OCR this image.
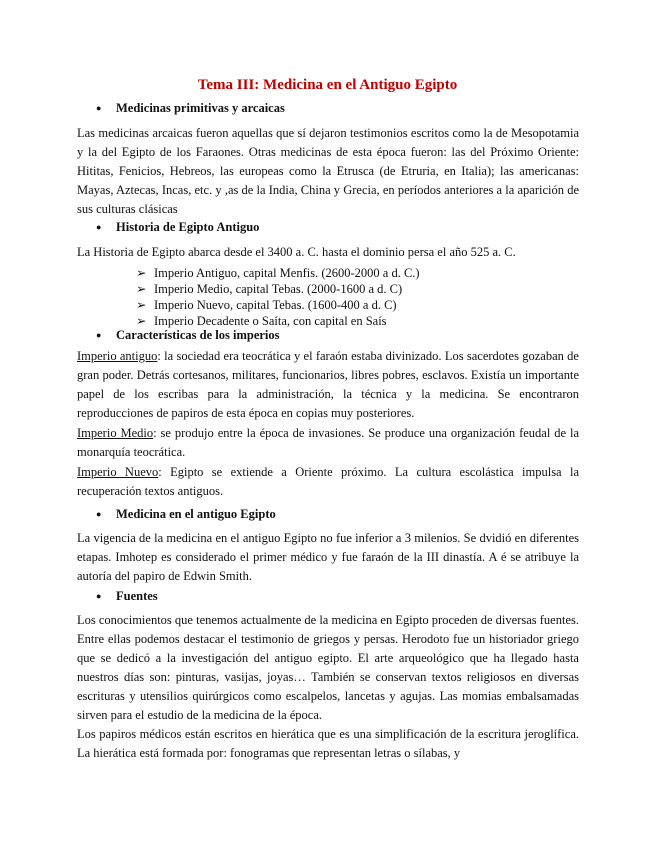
Tema III: Medicina en el Antiguo Egipto

● Medicinas primitivas y arcaicas

Las medicinas arcaicas fueron aquellas que sí dejaron testimonios escritos como la de Mesopotamia y la del Egipto de los Faraones. Otras medicinas de esta época fueron: las del Próximo Oriente: Hititas, Fenicios, Hebreos, las europeas como la Etrusca (de Etruria, en Italia); las americanas: Mayas, Aztecas, Incas, etc. y ,as de la India, China y Grecia, en períodos anteriores a la aparición de sus culturas clásicas

● Historia de Egipto Antiguo

La Historia de Egipto abarca desde el 3400 a. C. hasta el dominio persa el año 525 a. C.

➢ Imperio Antiguo, capital Menfis. (2600-2000 a d. C.)
➢ Imperio Medio, capital Tebas. (2000-1600 a d. C)
➢ Imperio Nuevo, capital Tebas. (1600-400 a d. C)
➢ Imperio Decadente o Saíta, con capital en Saís

● Características de los imperios

Imperio antiguo: la sociedad era teocrática y el faraón estaba divinizado. Los sacerdotes gozaban de gran poder. Detrás cortesanos, militares, funcionarios, libres pobres, esclavos. Existía un importante papel de los escribas para la administración, la técnica y la medicina. Se encontraron reproducciones de papiros de esta época en copias muy posteriores.

Imperio Medio: se produjo entre la época de invasiones. Se produce una organización feudal de la monarquía teocrática.

Imperio Nuevo: Egipto se extiende a Oriente próximo. La cultura escolástica impulsa la recuperación textos antiguos.

● Medicina en el antiguo Egipto

La vigencia de la medicina en el antiguo Egipto no fue inferior a 3 milenios. Se dvidió en diferentes etapas. Imhotep es considerado el primer médico y fue faraón de la III dinastía. A é se atribuye la autoría del papiro de Edwin Smith.

● Fuentes

Los conocimientos que tenemos actualmente de la medicina en Egipto proceden de diversas fuentes. Entre ellas podemos destacar el testimonio de griegos y persas. Herodoto fue un historiador griego que se dedicó a la investigación del antiguo egipto. El arte arqueológico que ha llegado hasta nuestros días son: pinturas, vasijas, joyas… También se conservan textos religiosos en diversas escrituras y utensilios quirúrgicos como escalpelos, lancetas y agujas. Las momias embalsamadas sirven para el estudio de la medicina de la época.

Los papiros médicos están escritos en hierática que es una simplificación de la escritura jeroglífica. La hierática está formada por: fonogramas que representan letras o sílabas, y
